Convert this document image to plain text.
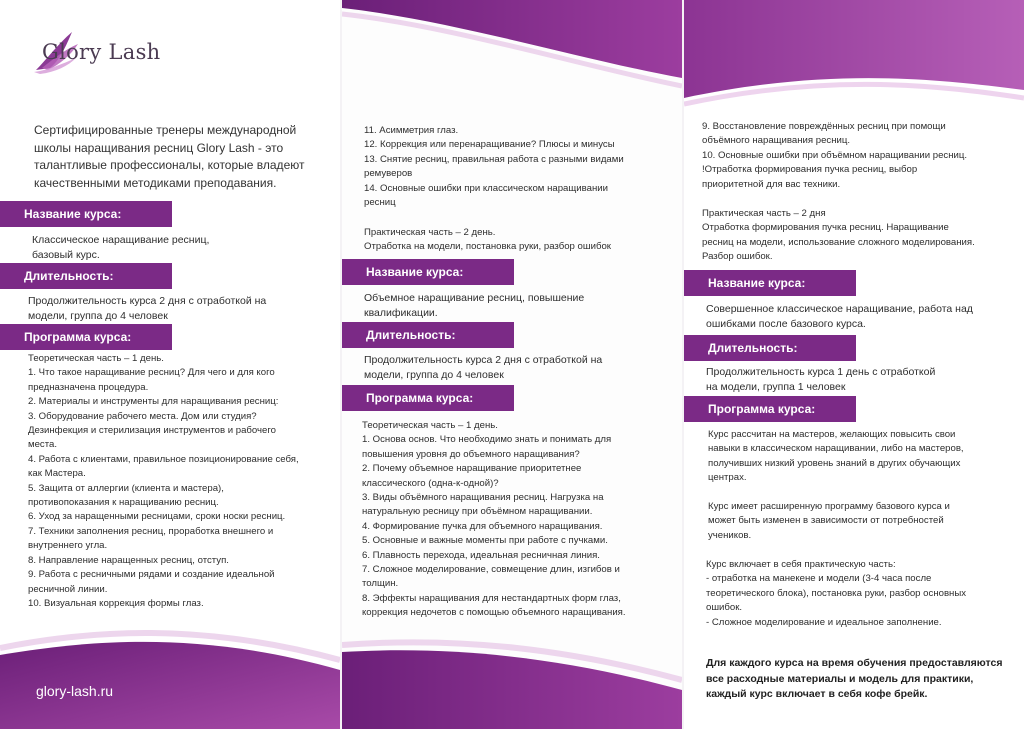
Glory Lash
Сертифицированные тренеры международной школы наращивания ресниц Glory Lash - это талантливые профессионалы, которые владеют качественными методиками преподавания.
Название курса:
Классическое наращивание ресниц, базовый курс.
Длительность:
Продолжительность курса 2 дня с отработкой на модели, группа до 4 человек
Программа курса:
Теоретическая часть – 1 день.
1. Что такое наращивание ресниц? Для чего и для кого
предназначена процедура.
2. Материалы и инструменты для наращивания ресниц:
3. Оборудование рабочего места. Дом или студия?
Дезинфекция и стерилизация инструментов и рабочего
места.
4. Работа с клиентами, правильное позиционирование себя,
как Мастера.
5. Защита от аллергии (клиента и мастера),
противопоказания к наращиванию ресниц.
6. Уход за наращенными ресницами, сроки носки ресниц.
7. Техники заполнения ресниц, проработка внешнего и
внутреннего угла.
8. Направление наращенных ресниц, отступ.
9. Работа с ресничными рядами и создание идеальной
ресничной линии.
10. Визуальная коррекция формы глаз.
glory-lash.ru
11. Асимметрия глаз.
12. Коррекция или перенаращивание? Плюсы и минусы
13. Снятие ресниц, правильная работа с разными видами
ремуверов
14. Основные ошибки при классическом наращивании
ресниц
Практическая часть – 2 день.
Отработка на модели, постановка руки, разбор ошибок
Название курса:
Объемное наращивание ресниц, повышение квалификации.
Длительность:
Продолжительность курса 2 дня с отработкой на модели, группа до 4 человек
Программа курса:
Теоретическая часть – 1 день.
1. Основа основ. Что необходимо знать и понимать для
повышения уровня до объемного наращивания?
2. Почему объемное наращивание приоритетнее
классического (одна-к-одной)?
3. Виды объёмного наращивания ресниц. Нагрузка на
натуральную ресницу при объёмном наращивании.
4. Формирование пучка для объемного наращивания.
5. Основные и важные моменты при работе с пучками.
6. Плавность перехода, идеальная ресничная линия.
7. Сложное моделирование, совмещение длин, изгибов и
толщин.
8. Эффекты наращивания для нестандартных форм глаз,
коррекция недочетов с помощью объемного наращивания.
9. Восстановление повреждённых ресниц при помощи
объёмного наращивания ресниц.
10. Основные ошибки при объёмном наращивании ресниц.
!Отработка формирования пучка ресниц, выбор
приоритетной для вас техники.
Практическая часть – 2 дня
Отработка формирования пучка ресниц. Наращивание
ресниц на модели, использование сложного моделирования.
Разбор ошибок.
Название курса:
Совершенное классическое наращивание, работа над ошибками после базового курса.
Длительность:
Продолжительность курса 1 день с отработкой на модели, группа 1 человек
Программа курса:
Курс рассчитан на мастеров, желающих повысить свои навыки в классическом наращивании, либо на мастеров, получивших низкий уровень знаний в других обучающих центрах.
Курс имеет расширенную программу базового курса и может быть изменен в зависимости от потребностей учеников.
Курс включает в себя практическую часть:
- отработка на манекене и модели (3-4 часа после
теоретического блока), постановка руки, разбор основных
ошибок.
- Сложное моделирование и идеальное заполнение.
Для каждого курса на время обучения предоставляются все расходные материалы и модель для практики, каждый курс включает в себя кофе брейк.
